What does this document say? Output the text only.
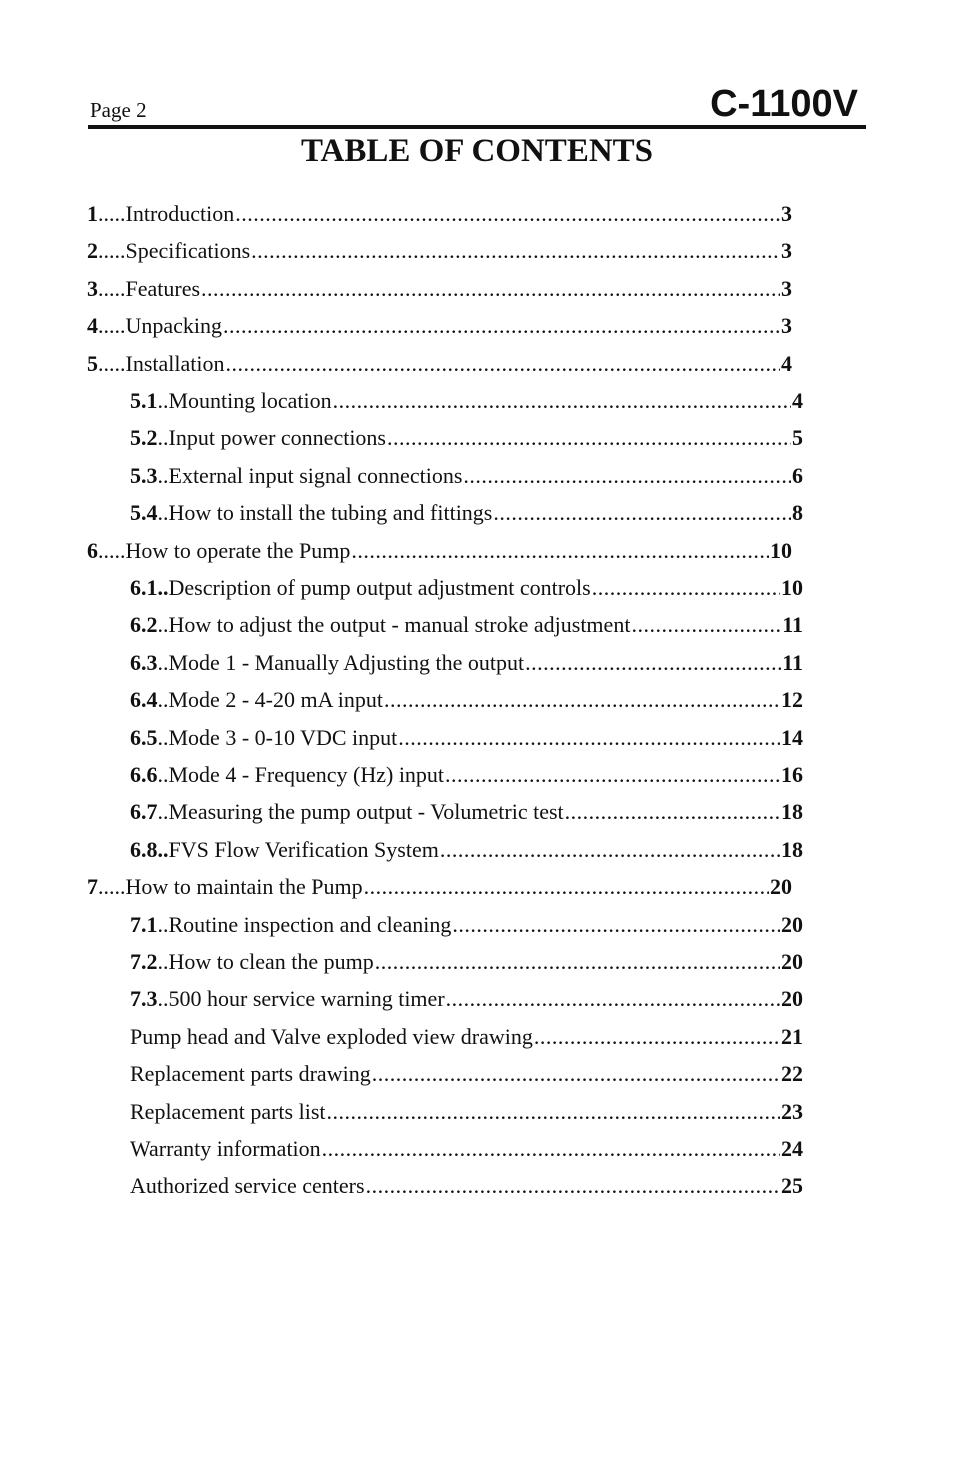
Page 2	C-1100V
TABLE OF CONTENTS
1 ..... Introduction .....	3
2 ..... Specifications .....	3
3 ..... Features .....	3
4 ..... Unpacking .....	3
5 ..... Installation .....	4
5.1 .. Mounting location .....	4
5.2 .. Input power connections .....	5
5.3 .. External input signal connections .....	6
5.4 .. How to install the tubing and fittings .....	8
6 ..... How to operate the Pump .....	10
6.1.. Description of pump output adjustment controls .....	10
6.2 .. How to adjust the output - manual stroke adjustment .....	11
6.3 .. Mode 1 - Manually Adjusting the output .....	11
6.4 .. Mode 2 - 4-20 mA input .....	12
6.5 .. Mode 3 - 0-10 VDC input .....	14
6.6 .. Mode 4 - Frequency (Hz) input .....	16
6.7 .. Measuring the pump output - Volumetric test .....	18
6.8.. FVS Flow Verification System .....	18
7 ..... How to maintain the Pump .....	20
7.1 .. Routine inspection and cleaning .....	20
7.2 .. How to clean the pump .....	20
7.3 .. 500 hour service warning timer .....	20
Pump head and Valve exploded view drawing .....	21
Replacement parts drawing .....	22
Replacement parts list .....	23
Warranty information .....	24
Authorized service centers .....	25
